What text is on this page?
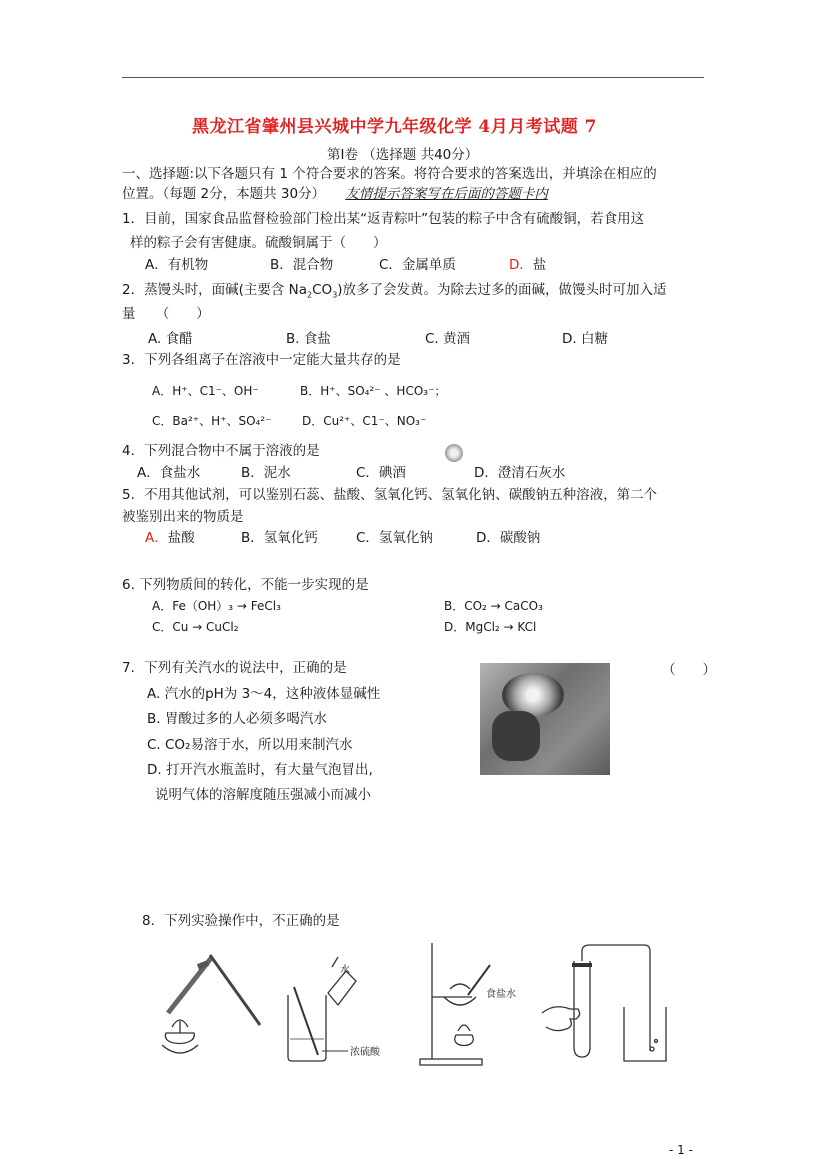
黑龙江省肇州县兴城中学九年级化学 4月月考试题 7
第Ⅰ卷 （选择题 共40分）
一、选择题:以下各题只有 1 个符合要求的答案。将符合要求的答案选出，并填涂在相应的
位置。（每题 2分，本题共 30分） 友情提示答案写在后面的答题卡内
1．目前，国家食品监督检验部门检出某“返青粽叶”包装的粽子中含有硫酸铜，若食用这
样的粽子会有害健康。硫酸铜属于（　　）
A．有机物	B．混合物	C．金属单质	D．盐
2．蒸馒头时，面碱(主要含 $Na_2CO_3$)放多了会发黄。为除去过多的面碱，做馒头时可加入适
量　　（　　）
A. 食醋	B. 食盐	C. 黄酒	D. 白糖
3．下列各组离子在溶液中一定能大量共存的是
A．H⁺、C1⁻、OH⁻	B．H⁺、SO₄²⁻ 、HCO₃⁻；
C．Ba²⁺、H⁺、SO₄²⁻	D．Cu²⁺、C1⁻、NO₃⁻
4．下列混合物中不属于溶液的是
A．食盐水	B．泥水	C．碘酒	D．澄清石灰水
5．不用其他试剂，可以鉴别石蕊、盐酸、氢氧化钙、氢氧化钠、碳酸钠五种溶液，第二个
被鉴别出来的物质是
A．盐酸	B．氢氧化钙	C．氢氧化钠	D．碳酸钠
6. 下列物质间的转化，不能一步实现的是
A．Fe（OH）₃ → FeCl₃	B．CO₂ → CaCO₃
C．Cu → CuCl₂	D．MgCl₂ → KCl
7．下列有关汽水的说法中，正确的是	（　　）
A. 汽水的pH为 3～4，这种液体显碱性
B. 胃酸过多的人必须多喝汽水
C. CO₂易溶于水，所以用来制汽水
D. 打开汽水瓶盖时，有大量气泡冒出,
说明气体的溶解度随压强减小而减小
8．下列实验操作中，不正确的是
水
浓硫酸
食盐水
- 1 -
